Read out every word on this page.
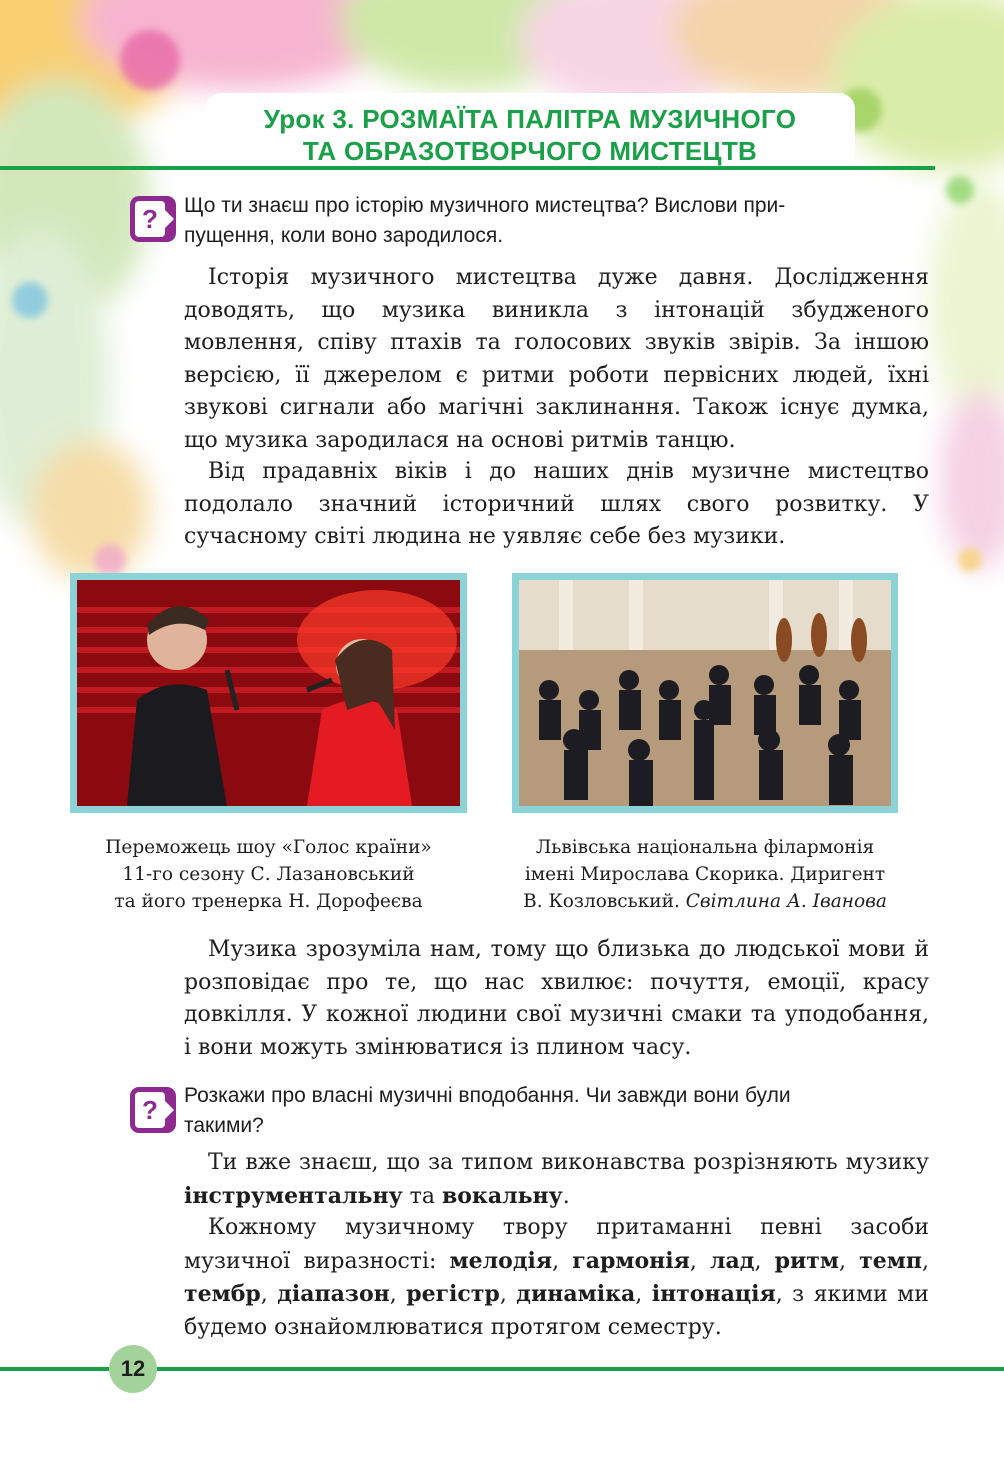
Урок 3. РОЗМАЇТА ПАЛІТРА МУЗИЧНОГО
ТА ОБРАЗОТВОРЧОГО МИСТЕЦТВ
?	Що ти знаєш про історію музичного мистецтва? Вислови при-
пущення, коли воно зародилося.

Історія музичного мистецтва дуже давня. Дослідження доводять, що музика виникла з інтонацій збудженого мовлення, співу птахів та голосових звуків звірів. За іншою версією, її джерелом є ритми роботи первісних людей, їхні звукові сигнали або магічні заклинання. Також існує думка, що музика зародилася на основі ритмів танцю.

Від прадавніх віків і до наших днів музичне мистецтво подолало значний історичний шлях свого розвитку. У сучасному світі людина не уявляє себе без музики.

Переможець шоу «Голос країни»
11-го сезону С. Лазановський
та його тренерка Н. Дорофеєва

Львівська національна філармонія
імені Мирослава Скорика. Диригент
В. Козловський. Світлина А. Іванова

Музика зрозуміла нам, тому що близька до людської мови й розповідає про те, що нас хвилює: почуття, емоції, красу довкілля. У кожної людини свої музичні смаки та уподобання, і вони можуть змінюватися із плином часу.

?	Розкажи про власні музичні вподобання. Чи завжди вони були
такими?

Ти вже знаєш, що за типом виконавства розрізняють музику інструментальну та вокальну.

Кожному музичному твору притаманні певні засоби музичної виразності: мелодія, гармонія, лад, ритм, темп, тембр, діапазон, регістр, динаміка, інтонація, з якими ми будемо ознайомлюватися протягом семестру.

12
